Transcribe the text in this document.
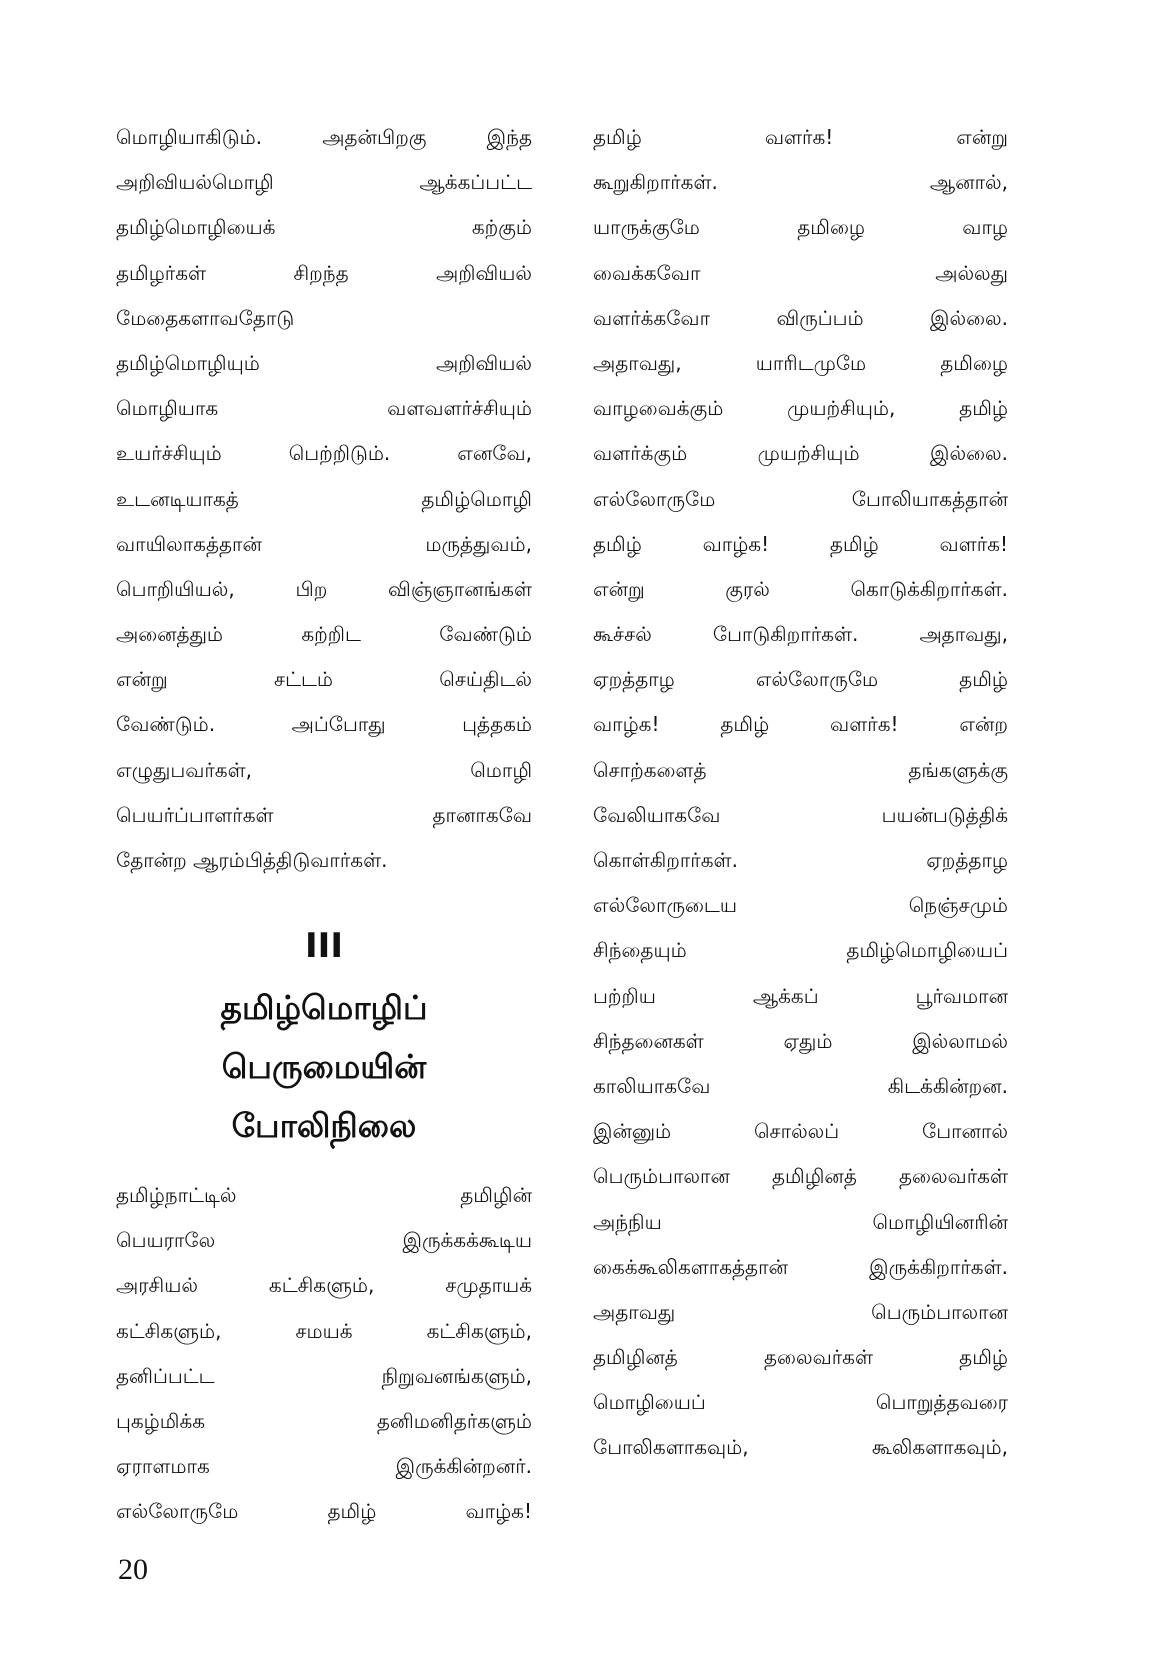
மொழியாகிடும். அதன்பிறகு இந்த
அறிவியல்மொழி ஆக்கப்பட்ட
தமிழ்மொழியைக் கற்கும்
தமிழர்கள் சிறந்த அறிவியல்
மேதைகளாவதோடு
தமிழ்மொழியும் அறிவியல்
மொழியாக வளவளர்ச்சியும்
உயர்ச்சியும் பெற்றிடும். எனவே,
உடனடியாகத் தமிழ்மொழி
வாயிலாகத்தான் மருத்துவம்,
பொறியியல், பிற விஞ்ஞானங்கள்
அனைத்தும் கற்றிட வேண்டும்
என்று சட்டம் செய்திடல்
வேண்டும். அப்போது புத்தகம்
எழுதுபவர்கள், மொழி
பெயர்ப்பாளர்கள் தானாகவே
தோன்ற ஆரம்பித்திடுவார்கள்.
III
தமிழ்மொழிப்
பெருமையின்
போலிநிலை
தமிழ்நாட்டில் தமிழின்
பெயராலே இருக்கக்கூடிய
அரசியல் கட்சிகளும், சமுதாயக்
கட்சிகளும், சமயக் கட்சிகளும்,
தனிப்பட்ட நிறுவனங்களும்,
புகழ்மிக்க தனிமனிதர்களும்
ஏராளமாக இருக்கின்றனர்.
எல்லோருமே தமிழ் வாழ்க!
தமிழ் வளர்க! என்று
கூறுகிறார்கள். ஆனால்,
யாருக்குமே தமிழை வாழ
வைக்கவோ அல்லது
வளர்க்கவோ விருப்பம் இல்லை.
அதாவது, யாரிடமுமே தமிழை
வாழவைக்கும் முயற்சியும், தமிழ்
வளர்க்கும் முயற்சியும் இல்லை.
எல்லோருமே போலியாகத்தான்
தமிழ் வாழ்க! தமிழ் வளர்க!
என்று குரல் கொடுக்கிறார்கள்.
கூச்சல் போடுகிறார்கள். அதாவது,
ஏறத்தாழ எல்லோருமே தமிழ்
வாழ்க! தமிழ் வளர்க! என்ற
சொற்களைத் தங்களுக்கு
வேலியாகவே பயன்படுத்திக்
கொள்கிறார்கள். ஏறத்தாழ
எல்லோருடைய நெஞ்சமும்
சிந்தையும் தமிழ்மொழியைப்
பற்றிய ஆக்கப் பூர்வமான
சிந்தனைகள் ஏதும் இல்லாமல்
காலியாகவே கிடக்கின்றன.
இன்னும் சொல்லப் போனால்
பெரும்பாலான தமிழினத் தலைவர்கள்
அந்நிய மொழியினரின்
கைக்கூலிகளாகத்தான் இருக்கிறார்கள்.
அதாவது பெரும்பாலான
தமிழினத் தலைவர்கள் தமிழ்
மொழியைப் பொறுத்தவரை
போலிகளாகவும், கூலிகளாகவும்,
20
